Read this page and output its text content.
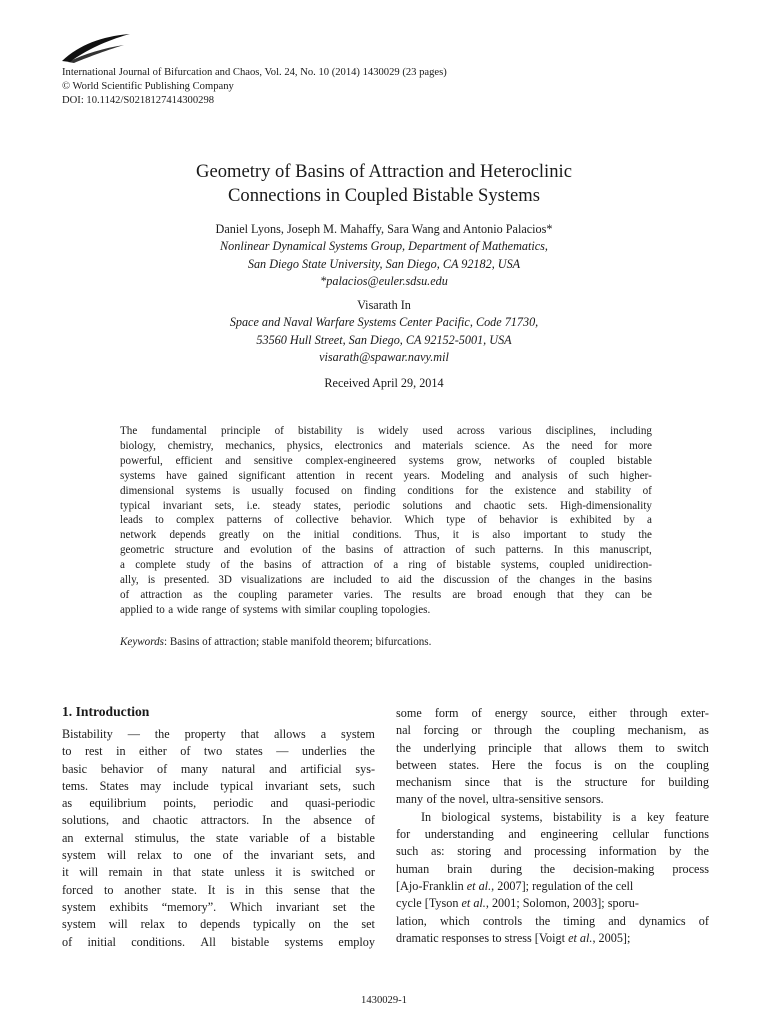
International Journal of Bifurcation and Chaos, Vol. 24, No. 10 (2014) 1430029 (23 pages)
© World Scientific Publishing Company
DOI: 10.1142/S0218127414300298
Geometry of Basins of Attraction and Heteroclinic
Connections in Coupled Bistable Systems
Daniel Lyons, Joseph M. Mahaffy, Sara Wang and Antonio Palacios*
Nonlinear Dynamical Systems Group, Department of Mathematics,
San Diego State University, San Diego, CA 92182, USA
*palacios@euler.sdsu.edu
Visarath In
Space and Naval Warfare Systems Center Pacific, Code 71730,
53560 Hull Street, San Diego, CA 92152-5001, USA
visarath@spawar.navy.mil
Received April 29, 2014
The fundamental principle of bistability is widely used across various disciplines, including
biology, chemistry, mechanics, physics, electronics and materials science. As the need for more
powerful, efficient and sensitive complex-engineered systems grow, networks of coupled bistable
systems have gained significant attention in recent years. Modeling and analysis of such higher-
dimensional systems is usually focused on finding conditions for the existence and stability of
typical invariant sets, i.e. steady states, periodic solutions and chaotic sets. High-dimensionality
leads to complex patterns of collective behavior. Which type of behavior is exhibited by a
network depends greatly on the initial conditions. Thus, it is also important to study the
geometric structure and evolution of the basins of attraction of such patterns. In this manuscript,
a complete study of the basins of attraction of a ring of bistable systems, coupled unidirection-
ally, is presented. 3D visualizations are included to aid the discussion of the changes in the basins
of attraction as the coupling parameter varies. The results are broad enough that they can be
applied to a wide range of systems with similar coupling topologies.
Keywords: Basins of attraction; stable manifold theorem; bifurcations.
1. Introduction
Bistability — the property that allows a system
to rest in either of two states — underlies the
basic behavior of many natural and artificial sys-
tems. States may include typical invariant sets, such
as equilibrium points, periodic and quasi-periodic
solutions, and chaotic attractors. In the absence of
an external stimulus, the state variable of a bistable
system will relax to one of the invariant sets, and
it will remain in that state unless it is switched or
forced to another state. It is in this sense that the
system exhibits “memory”. Which invariant set the
system will relax to depends typically on the set
of initial conditions. All bistable systems employ
some form of energy source, either through exter-
nal forcing or through the coupling mechanism, as
the underlying principle that allows them to switch
between states. Here the focus is on the coupling
mechanism since that is the structure for building
many of the novel, ultra-sensitive sensors.
In biological systems, bistability is a key feature
for understanding and engineering cellular functions
such as: storing and processing information by the
human brain during the decision-making process
[Ajo-Franklin et al. , 2007]; regulation of the cell
cycle [Tyson et al. , 2001; Solomon, 2003]; sporu-
lation, which controls the timing and dynamics of
dramatic responses to stress [Voigt et al. , 2005];
1430029-1
